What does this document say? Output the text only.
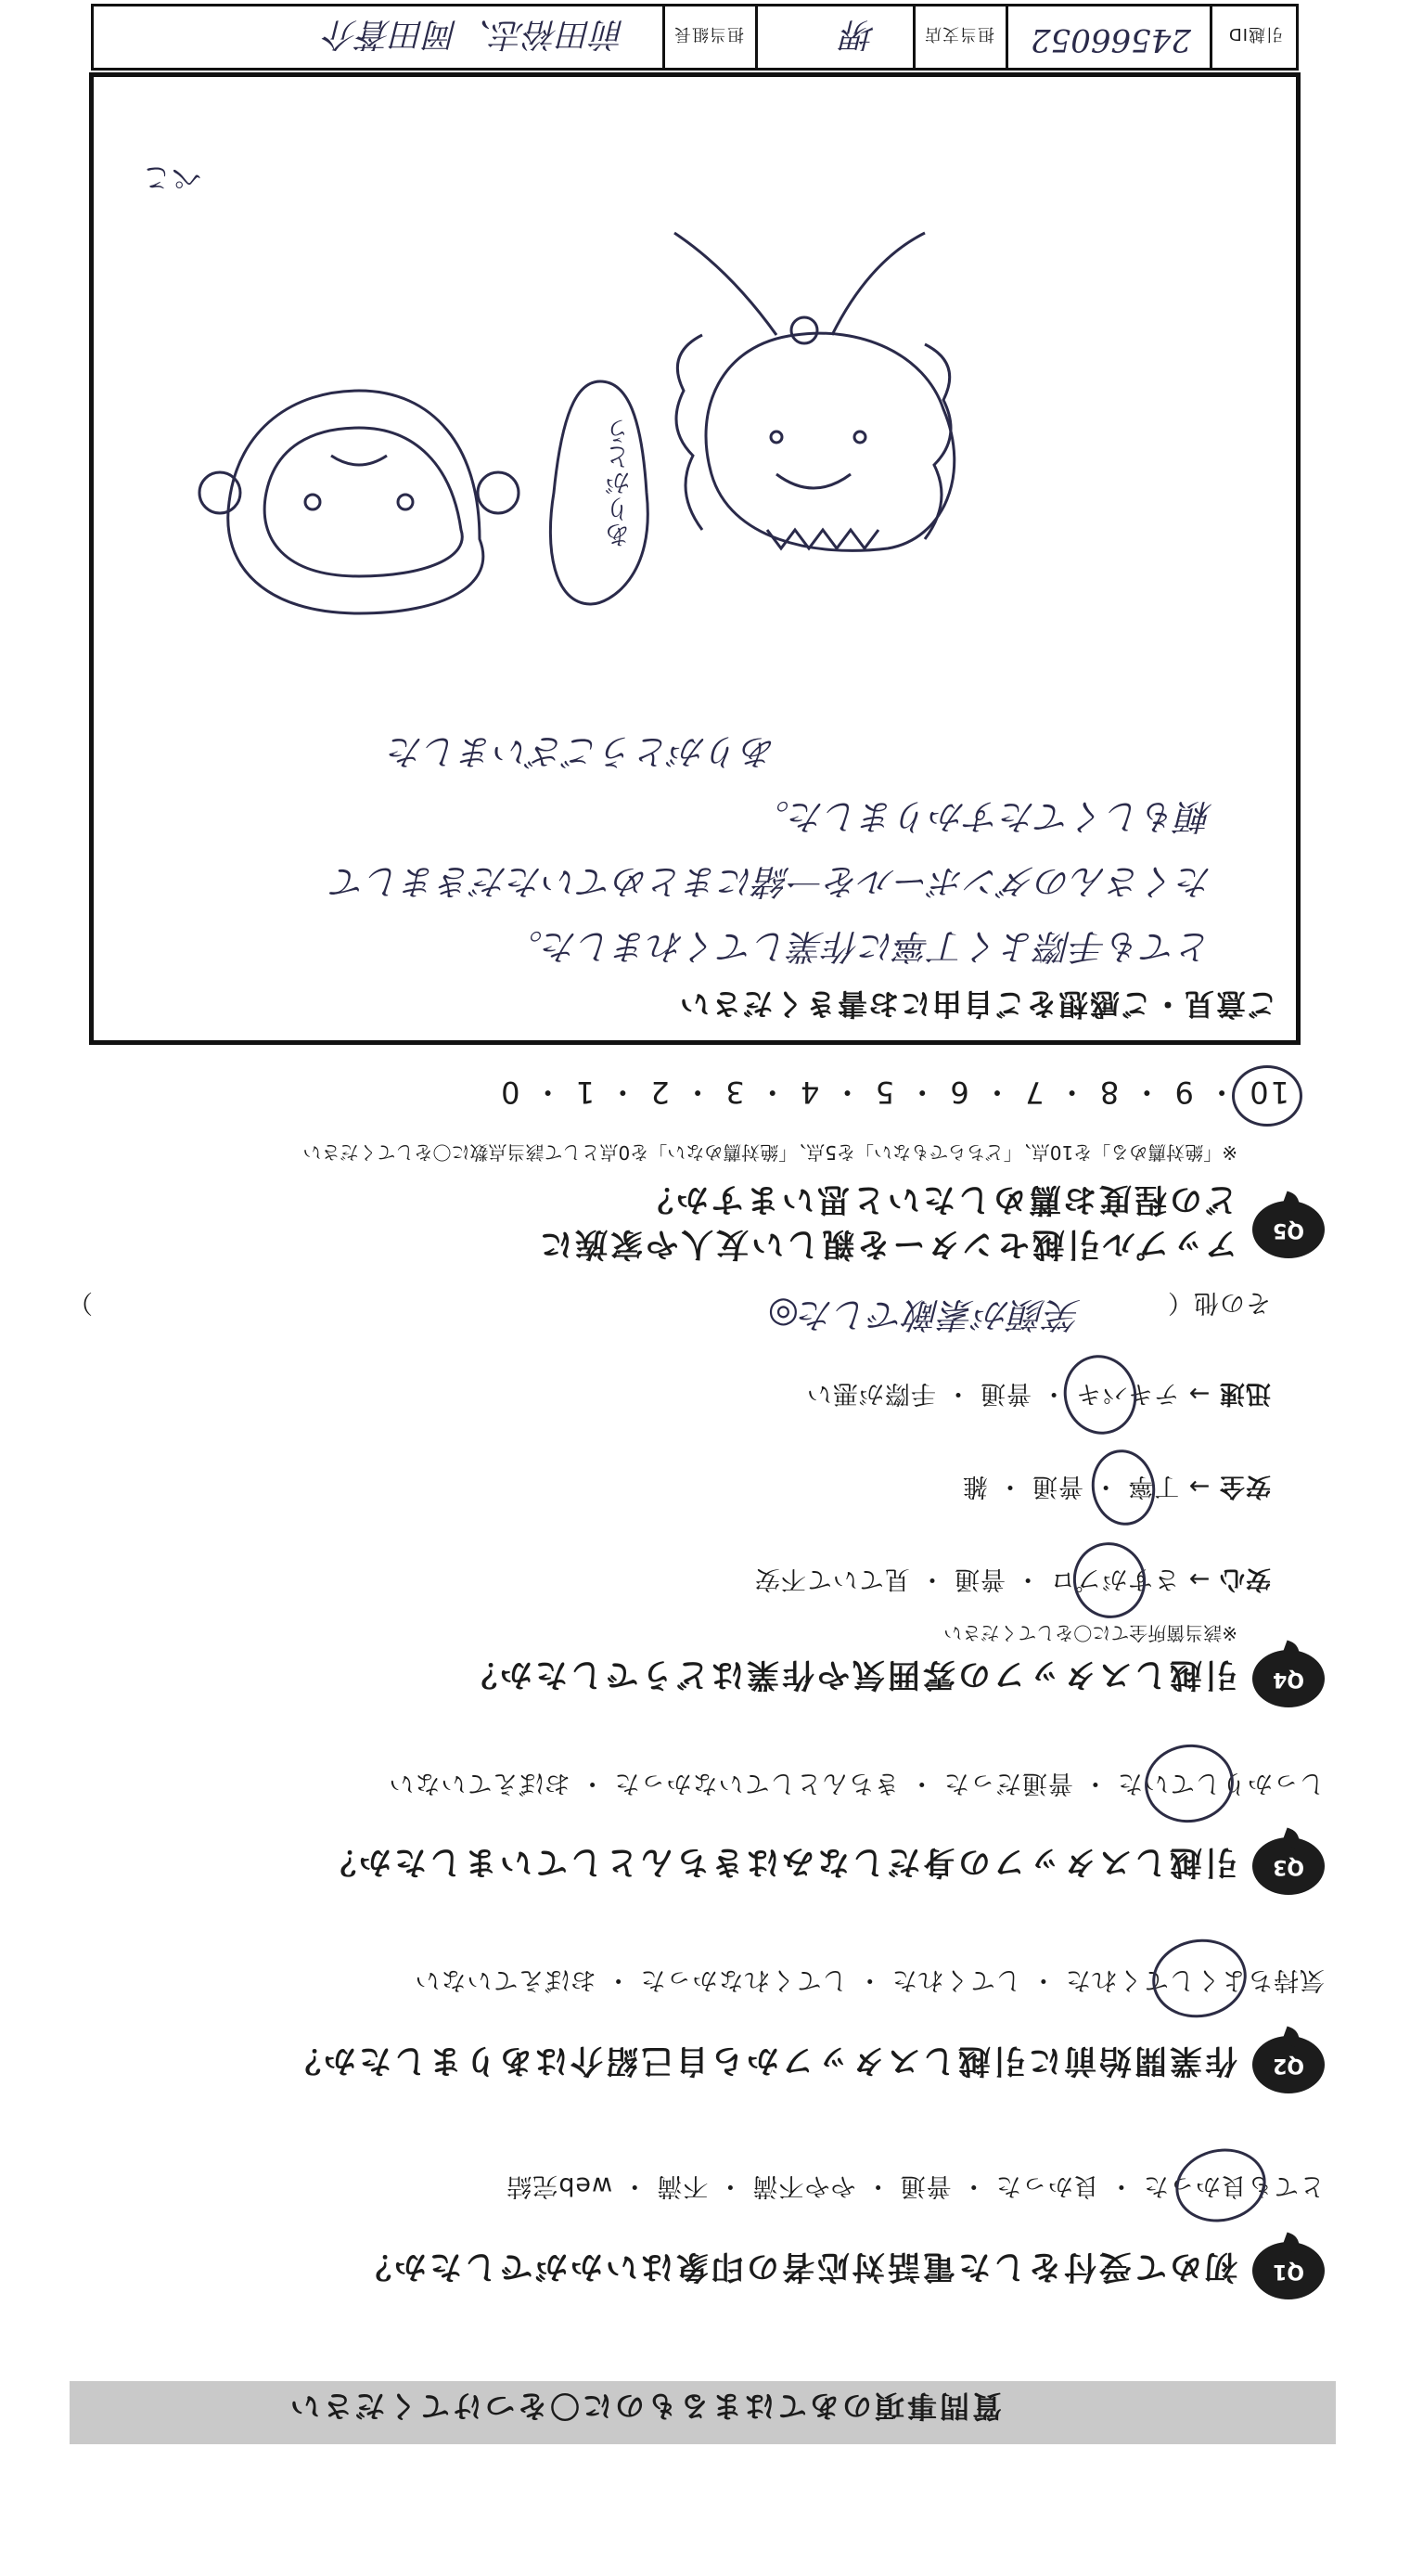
質問事項のあてはまるものに〇をつけてください
Q1
初めて受付をした電話対応者の印象はいかがでしたか？
とても良かった ・ 良かった ・ 普通 ・ やや不満 ・ 不満 ・ web完結
Q2
作業開始前に引越しスタッフから自己紹介はありましたか？
気持ちよくしてくれた ・ してくれた ・ してくれなかった ・ おぼえていない
Q3
引越しスタッフの身だしなみはきちんとしていましたか？
しっかりしていた ・ 普通だった ・ きちんとしていなかった ・ おぼえていない
Q4
引越しスタッフの雰囲気や作業はどうでしたか？
※該当箇所全てに〇をしてください
安心 → さすがプロ ・ 普通 ・ 見ていて不安
安全 → 丁寧 ・ 普通 ・ 雑
迅速 → テキパキ ・ 普通 ・ 手際が悪い
その他（
）	笑顔が素敵でした◎
Q5
アップル引越センターを親しい友人や家族に
どの程度お薦めしたいと思いますか？
※「絶対薦める」を10点、「どちらでもない」を5点、「絶対薦めない」を0点として該当点数に〇をしてください
10 ・ 9 ・ 8 ・ 7 ・ 6 ・ 5 ・ 4 ・ 3 ・ 2 ・ 1 ・ 0
ご意見・ご感想をご自由にお書きください
とても手際よく丁寧に作業してくれました。
たくさんのダンボールを一緒にまとめていただきまして
頼もしくてたすかりました。
ありがとうございました
ありがとう
ぺこ
引越ID
24566052
担当支店
堺
担当組長
前田裕志、岡田蒼介
